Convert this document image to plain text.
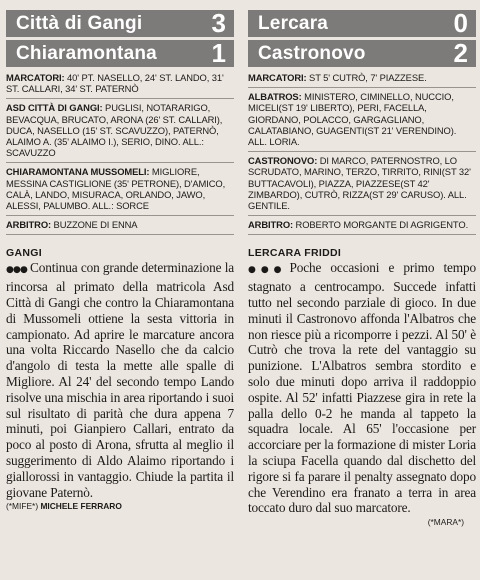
Città di Gangi	3
Chiaramontana 1
MARCATORI: 40' PT. NASELLO, 24' ST. LANDO, 31' ST. CALLARI, 34' ST. PATERNÒ
ASD CITTÀ DI GANGI: PUGLISI, NOTARARIGO, BEVACQUA, BRUCATO, ARONA (26' ST. CALLARI), DUCA, NASELLO (15' ST. SCAVUZZO), PATERNÒ, ALAIMO A. (35' ALAIMO I.), SERIO, DINO. ALL.: SCAVUZZO
CHIARAMONTANA MUSSOMELI: MIGLIORE, MESSINA CASTIGLIONE (35' PETRONE), D'AMICO, CALÀ, LANDO, MISURACA, ORLANDO, JAWO, ALESSI, PALUMBO. ALL.: SORCE
ARBITRO: BUZZONE DI ENNA
GANGI

●●● Continua con grande determinazione la rincorsa al primato della matricola Asd Città di Gangi che contro la Chiaramontana di Mussomeli ottiene la sesta vittoria in campionato. Ad aprire le marcature ancora una volta Riccardo Nasello che da calcio d'angolo di testa la mette alle spalle di Migliore. Al 24' del secondo tempo Lando risolve una mischia in area riportando i suoi sul risultato di parità che dura appena 7 minuti, poi Gianpiero Callari, entrato da poco al posto di Arona, sfrutta al meglio il suggerimento di Aldo Alaimo riportando i giallorossi in vantaggio. Chiude la partita il giovane Paternò.

(*MIFE*) MICHELE FERRARO
Lercara	0
Castronovo	2
MARCATORI: ST 5' CUTRÒ, 7' PIAZZESE.
ALBATROS: MINISTERO, CIMINELLO, NUCCIO, MICELI(ST 19' LIBERTO), PERI, FACELLA, GIORDANO, POLACCO, GARGAGLIANO, CALATABIANO, GUAGENTI(ST 21' VERENDINO). ALL. LORIA.
CASTRONOVO: DI MARCO, PATERNOSTRO, LO SCRUDATO, MARINO, TERZO, TIRRITO, RINI(ST 32' BUTTACAVOLI), PIAZZA, PIAZZESE(ST 42' ZIMBARDO), CUTRÒ, RIZZA(ST 29' CARUSO). ALL. GENTILE.
ARBITRO: ROBERTO MORGANTE DI AGRIGENTO.
LERCARA FRIDDI

●●● Poche occasioni e primo tempo stagnato a centrocampo. Succede infatti tutto nel secondo parziale di gioco. In due minuti il Castronovo affonda l'Albatros che non riesce più a ricomporre i pezzi. Al 50' è Cutrò che trova la rete del vantaggio su punizione. L'Albatros sembra stordito e solo due minuti dopo arriva il raddoppio ospite. Al 52' infatti Piazzese gira in rete la palla dello 0-2 he manda al tappeto la squadra locale. Al 65' l'occasione per accorciare per la formazione di mister Loria la sciupa Facella quando dal dischetto del rigore si fa parare il penalty assegnato dopo che Verendino era franato a terra in area toccato duro dal suo marcatore.

(*MARA*)
